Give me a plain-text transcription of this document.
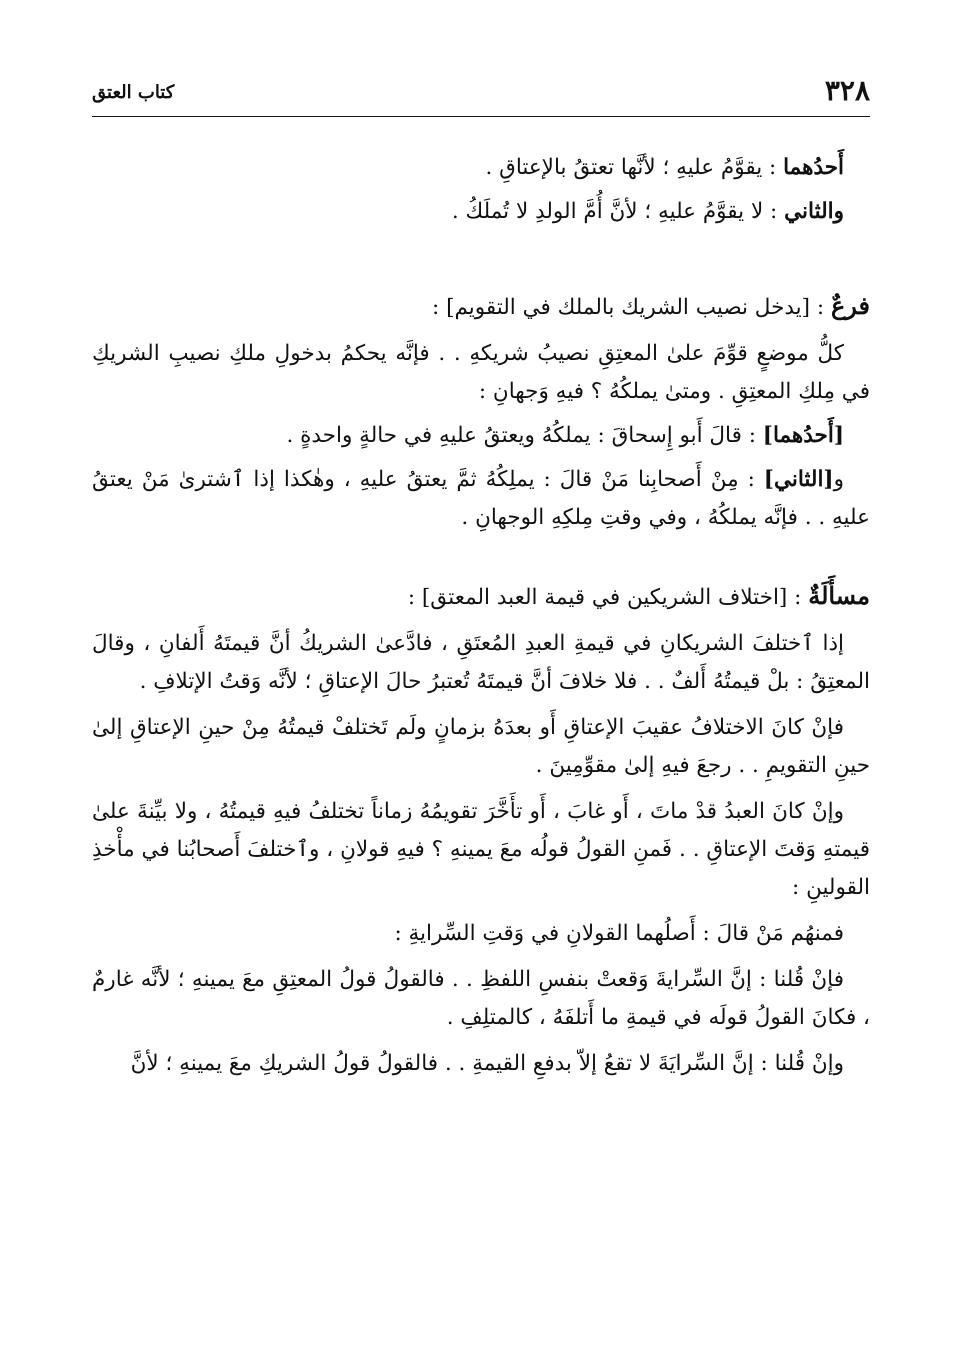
٣٢٨
كتاب العتق

أَحدُهما : يقوَّمُ عليهِ ؛ لأنَّها تعتقُ بالإعتاقِ .

والثاني : لا يقوَّمُ عليهِ ؛ لأنَّ أُمَّ الولدِ لا تُملَكُ .

فرعٌ : [يدخل نصيب الشريك بالملك في التقويم] :

كلُّ موضعٍ قوِّمَ علىٰ المعتِقِ نصيبُ شريكهِ . . فإنَّه يحكمُ بدخولِ ملكِ نصيبِ الشريكِ في مِلكِ المعتِقِ . ومتىٰ يملكُهُ ؟ فيهِ وَجهانِ :

[أَحدُهما] : قالَ أَبو إِسحاقَ : يملكُهُ ويعتقُ عليهِ في حالةٍ واحدةٍ .

و[الثاني] : مِنْ أَصحابِنا مَنْ قالَ : يملِكُهُ ثمَّ يعتقُ عليهِ ، وهٰكذا إذا ٱشترىٰ مَنْ يعتقُ عليهِ . . فإنَّه يملكُهُ ، وفي وقتِ مِلكِهِ الوجهانِ .

مسأَلَةٌ : [اختلاف الشريكين في قيمة العبد المعتق] :

إذا ٱختلفَ الشريكانِ في قيمةِ العبدِ المُعتَقِ ، فادَّعىٰ الشريكُ أنَّ قيمتَهُ أَلفانِ ، وقالَ المعتِقُ : بلْ قيمتُهُ أَلفٌ . . فلا خلافَ أنَّ قيمتَهُ تُعتبرُ حالَ الإعتاقِ ؛ لأنَّه وَقتُ الإتلافِ .

فإنْ كانَ الاختلافُ عقيبَ الإعتاقِ أَو بعدَهُ بزمانٍ ولَم تَختلفْ قيمتُهُ مِنْ حينِ الإعتاقِ إلىٰ حينِ التقويمِ . . رجعَ فيهِ إلىٰ مقوِّمِينَ .

وإنْ كانَ العبدُ قدْ ماتَ ، أَو غابَ ، أَو تأَخَّرَ تقويمُهُ زماناً تختلفُ فيهِ قيمتُهُ ، ولا بيِّنةَ علىٰ قيمتهِ وَقتَ الإعتاقِ . . فَمنِ القولُ قولُه معَ يمينهِ ؟ فيهِ قولانِ ، وٱختلفَ أَصحابُنا في مأْخذِ القولينِ :

فمنهُم مَنْ قالَ : أَصلُهما القولانِ في وَقتِ السِّرايةِ :

فإنْ قُلنا : إنَّ السِّرايةَ وَقعتْ بنفسِ اللفظِ . . فالقولُ قولُ المعتِقِ معَ يمينهِ ؛ لأنَّه غارمٌ ، فكانَ القولُ قولَه في قيمةِ ما أَتلفَهُ ، كالمتلِفِ .

وإنْ قُلنا : إنَّ السِّرايَةَ لا تقعُ إلاّ بدفعِ القيمةِ . . فالقولُ قولُ الشريكِ معَ يمينهِ ؛ لأنَّ
